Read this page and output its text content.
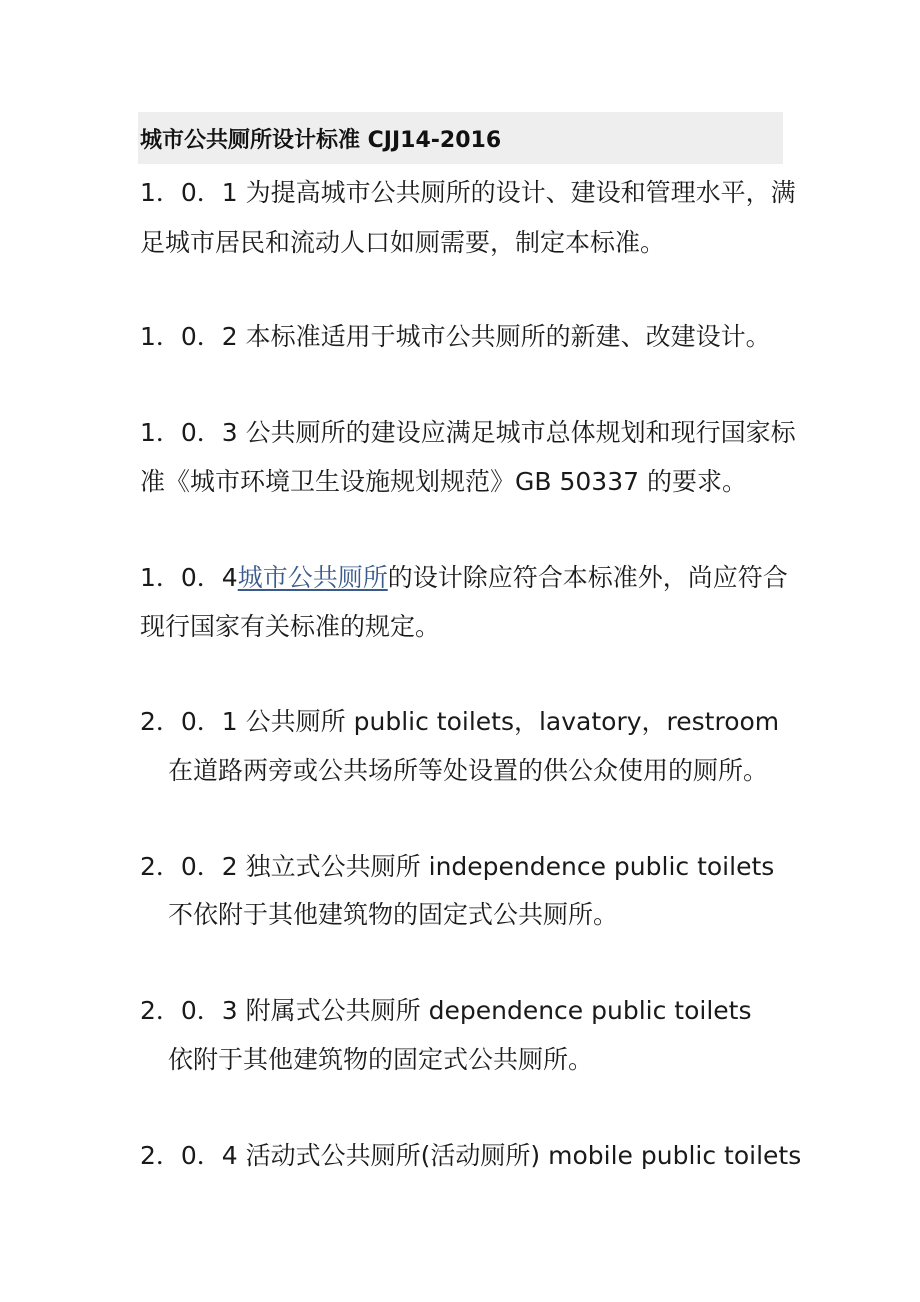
城市公共厕所设计标准 CJJ14-2016
1．0．1 为提高城市公共厕所的设计、建设和管理水平，满
足城市居民和流动人口如厕需要，制定本标准。
1．0．2 本标准适用于城市公共厕所的新建、改建设计。
1．0．3 公共厕所的建设应满足城市总体规划和现行国家标
准《城市环境卫生设施规划规范》GB 50337 的要求。
1．0．4城市公共厕所的设计除应符合本标准外，尚应符合
现行国家有关标准的规定。
2．0．1 公共厕所 public toilets，lavatory，restroom
在道路两旁或公共场所等处设置的供公众使用的厕所。
2．0．2 独立式公共厕所 independence public toilets
不依附于其他建筑物的固定式公共厕所。
2．0．3 附属式公共厕所 dependence public toilets
依附于其他建筑物的固定式公共厕所。
2．0．4 活动式公共厕所(活动厕所) mobile public toilets
